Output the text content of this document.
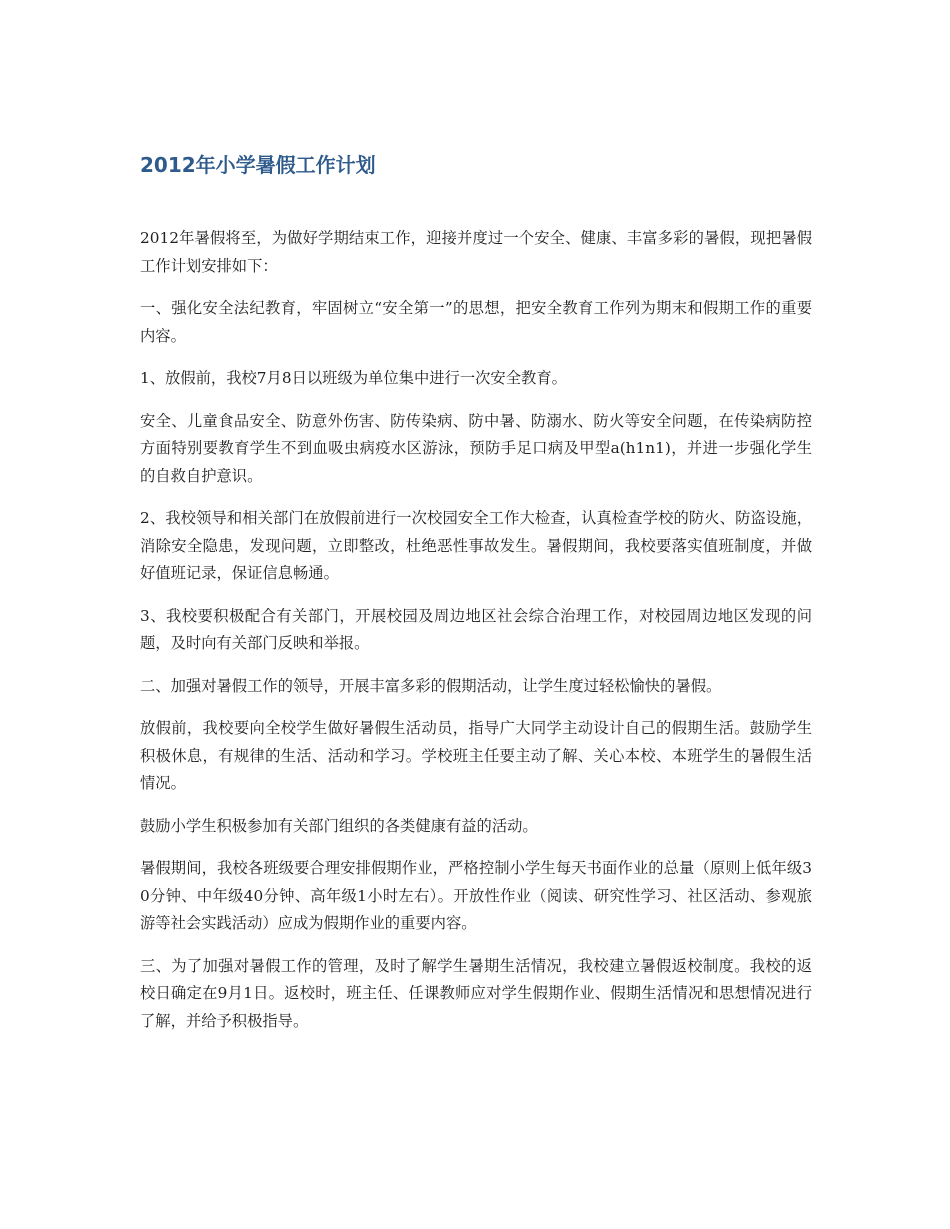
2012年小学暑假工作计划

2012年暑假将至，为做好学期结束工作，迎接并度过一个安全、健康、丰富多彩的暑假，现把暑假工作计划安排如下：

一、强化安全法纪教育，牢固树立“安全第一”的思想，把安全教育工作列为期末和假期工作的重要内容。

1、放假前，我校7月8日以班级为单位集中进行一次安全教育。

安全、儿童食品安全、防意外伤害、防传染病、防中暑、防溺水、防火等安全问题，在传染病防控方面特别要教育学生不到血吸虫病疫水区游泳，预防手足口病及甲型a(h1n1)，并进一步强化学生的自救自护意识。

2、我校领导和相关部门在放假前进行一次校园安全工作大检查，认真检查学校的防火、防盗设施，消除安全隐患，发现问题，立即整改，杜绝恶性事故发生。暑假期间，我校要落实值班制度，并做好值班记录，保证信息畅通。

3、我校要积极配合有关部门，开展校园及周边地区社会综合治理工作，对校园周边地区发现的问题，及时向有关部门反映和举报。

二、加强对暑假工作的领导，开展丰富多彩的假期活动，让学生度过轻松愉快的暑假。

放假前，我校要向全校学生做好暑假生活动员，指导广大同学主动设计自己的假期生活。鼓励学生积极休息，有规律的生活、活动和学习。学校班主任要主动了解、关心本校、本班学生的暑假生活情况。

鼓励小学生积极参加有关部门组织的各类健康有益的活动。

暑假期间，我校各班级要合理安排假期作业，严格控制小学生每天书面作业的总量（原则上低年级30分钟、中年级40分钟、高年级1小时左右）。开放性作业（阅读、研究性学习、社区活动、参观旅游等社会实践活动）应成为假期作业的重要内容。

三、为了加强对暑假工作的管理，及时了解学生暑期生活情况，我校建立暑假返校制度。我校的返校日确定在9月1日。返校时，班主任、任课教师应对学生假期作业、假期生活情况和思想情况进行了解，并给予积极指导。
